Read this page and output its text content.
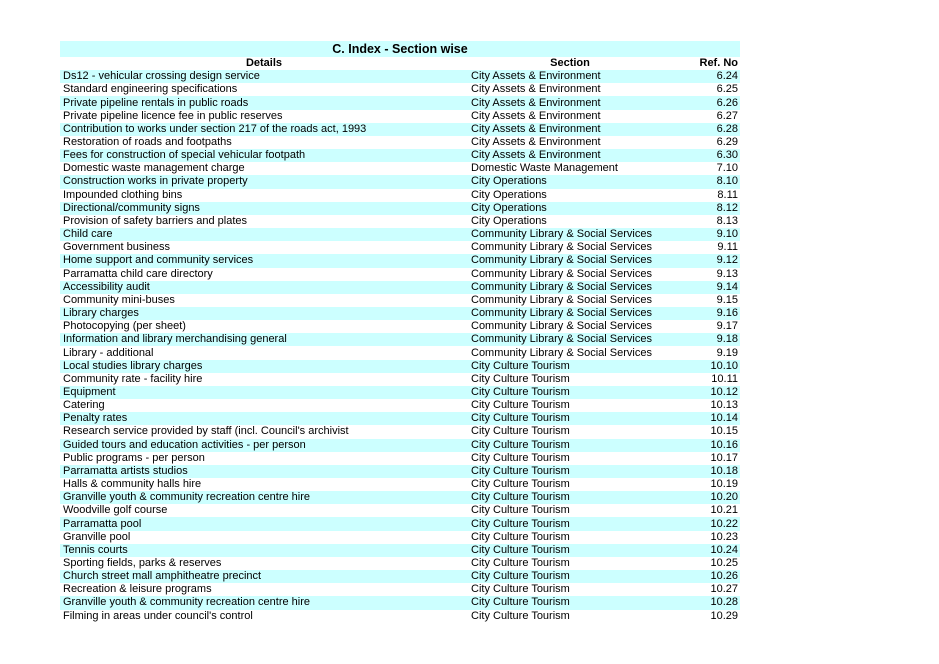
C. Index - Section wise
Details	Section	Ref. No
Ds12 - vehicular crossing design service	City Assets & Environment	6.24
Standard engineering specifications	City Assets & Environment	6.25
Private pipeline rentals in public roads	City Assets & Environment	6.26
Private pipeline licence fee in public reserves	City Assets & Environment	6.27
Contribution to works under section 217 of the roads act, 1993	City Assets & Environment	6.28
Restoration of roads and footpaths	City Assets & Environment	6.29
Fees for construction of special vehicular footpath	City Assets & Environment	6.30
Domestic waste management charge	Domestic Waste Management	7.10
Construction works in private property	City Operations	8.10
Impounded clothing bins	City Operations	8.11
Directional/community signs	City Operations	8.12
Provision of safety barriers and plates	City Operations	8.13
Child care	Community Library & Social Services	9.10
Government business	Community Library & Social Services	9.11
Home support and community services	Community Library & Social Services	9.12
Parramatta child care directory	Community Library & Social Services	9.13
Accessibility audit	Community Library & Social Services	9.14
Community mini-buses	Community Library & Social Services	9.15
Library charges	Community Library & Social Services	9.16
Photocopying (per sheet)	Community Library & Social Services	9.17
Information and library merchandising general	Community Library & Social Services	9.18
Library - additional	Community Library & Social Services	9.19
Local studies library charges	City Culture Tourism	10.10
Community rate - facility hire	City Culture Tourism	10.11
Equipment	City Culture Tourism	10.12
Catering	City Culture Tourism	10.13
Penalty rates	City Culture Tourism	10.14
Research service provided by staff (incl. Council's archivist	City Culture Tourism	10.15
Guided tours and education activities - per person	City Culture Tourism	10.16
Public programs - per person	City Culture Tourism	10.17
Parramatta artists studios	City Culture Tourism	10.18
Halls & community halls hire	City Culture Tourism	10.19
Granville youth & community recreation centre hire	City Culture Tourism	10.20
Woodville golf course	City Culture Tourism	10.21
Parramatta pool	City Culture Tourism	10.22
Granville pool	City Culture Tourism	10.23
Tennis courts	City Culture Tourism	10.24
Sporting fields, parks & reserves	City Culture Tourism	10.25
Church street mall amphitheatre precinct	City Culture Tourism	10.26
Recreation & leisure programs	City Culture Tourism	10.27
Granville youth & community recreation centre hire	City Culture Tourism	10.28
Filming in areas under council's control	City Culture Tourism	10.29
